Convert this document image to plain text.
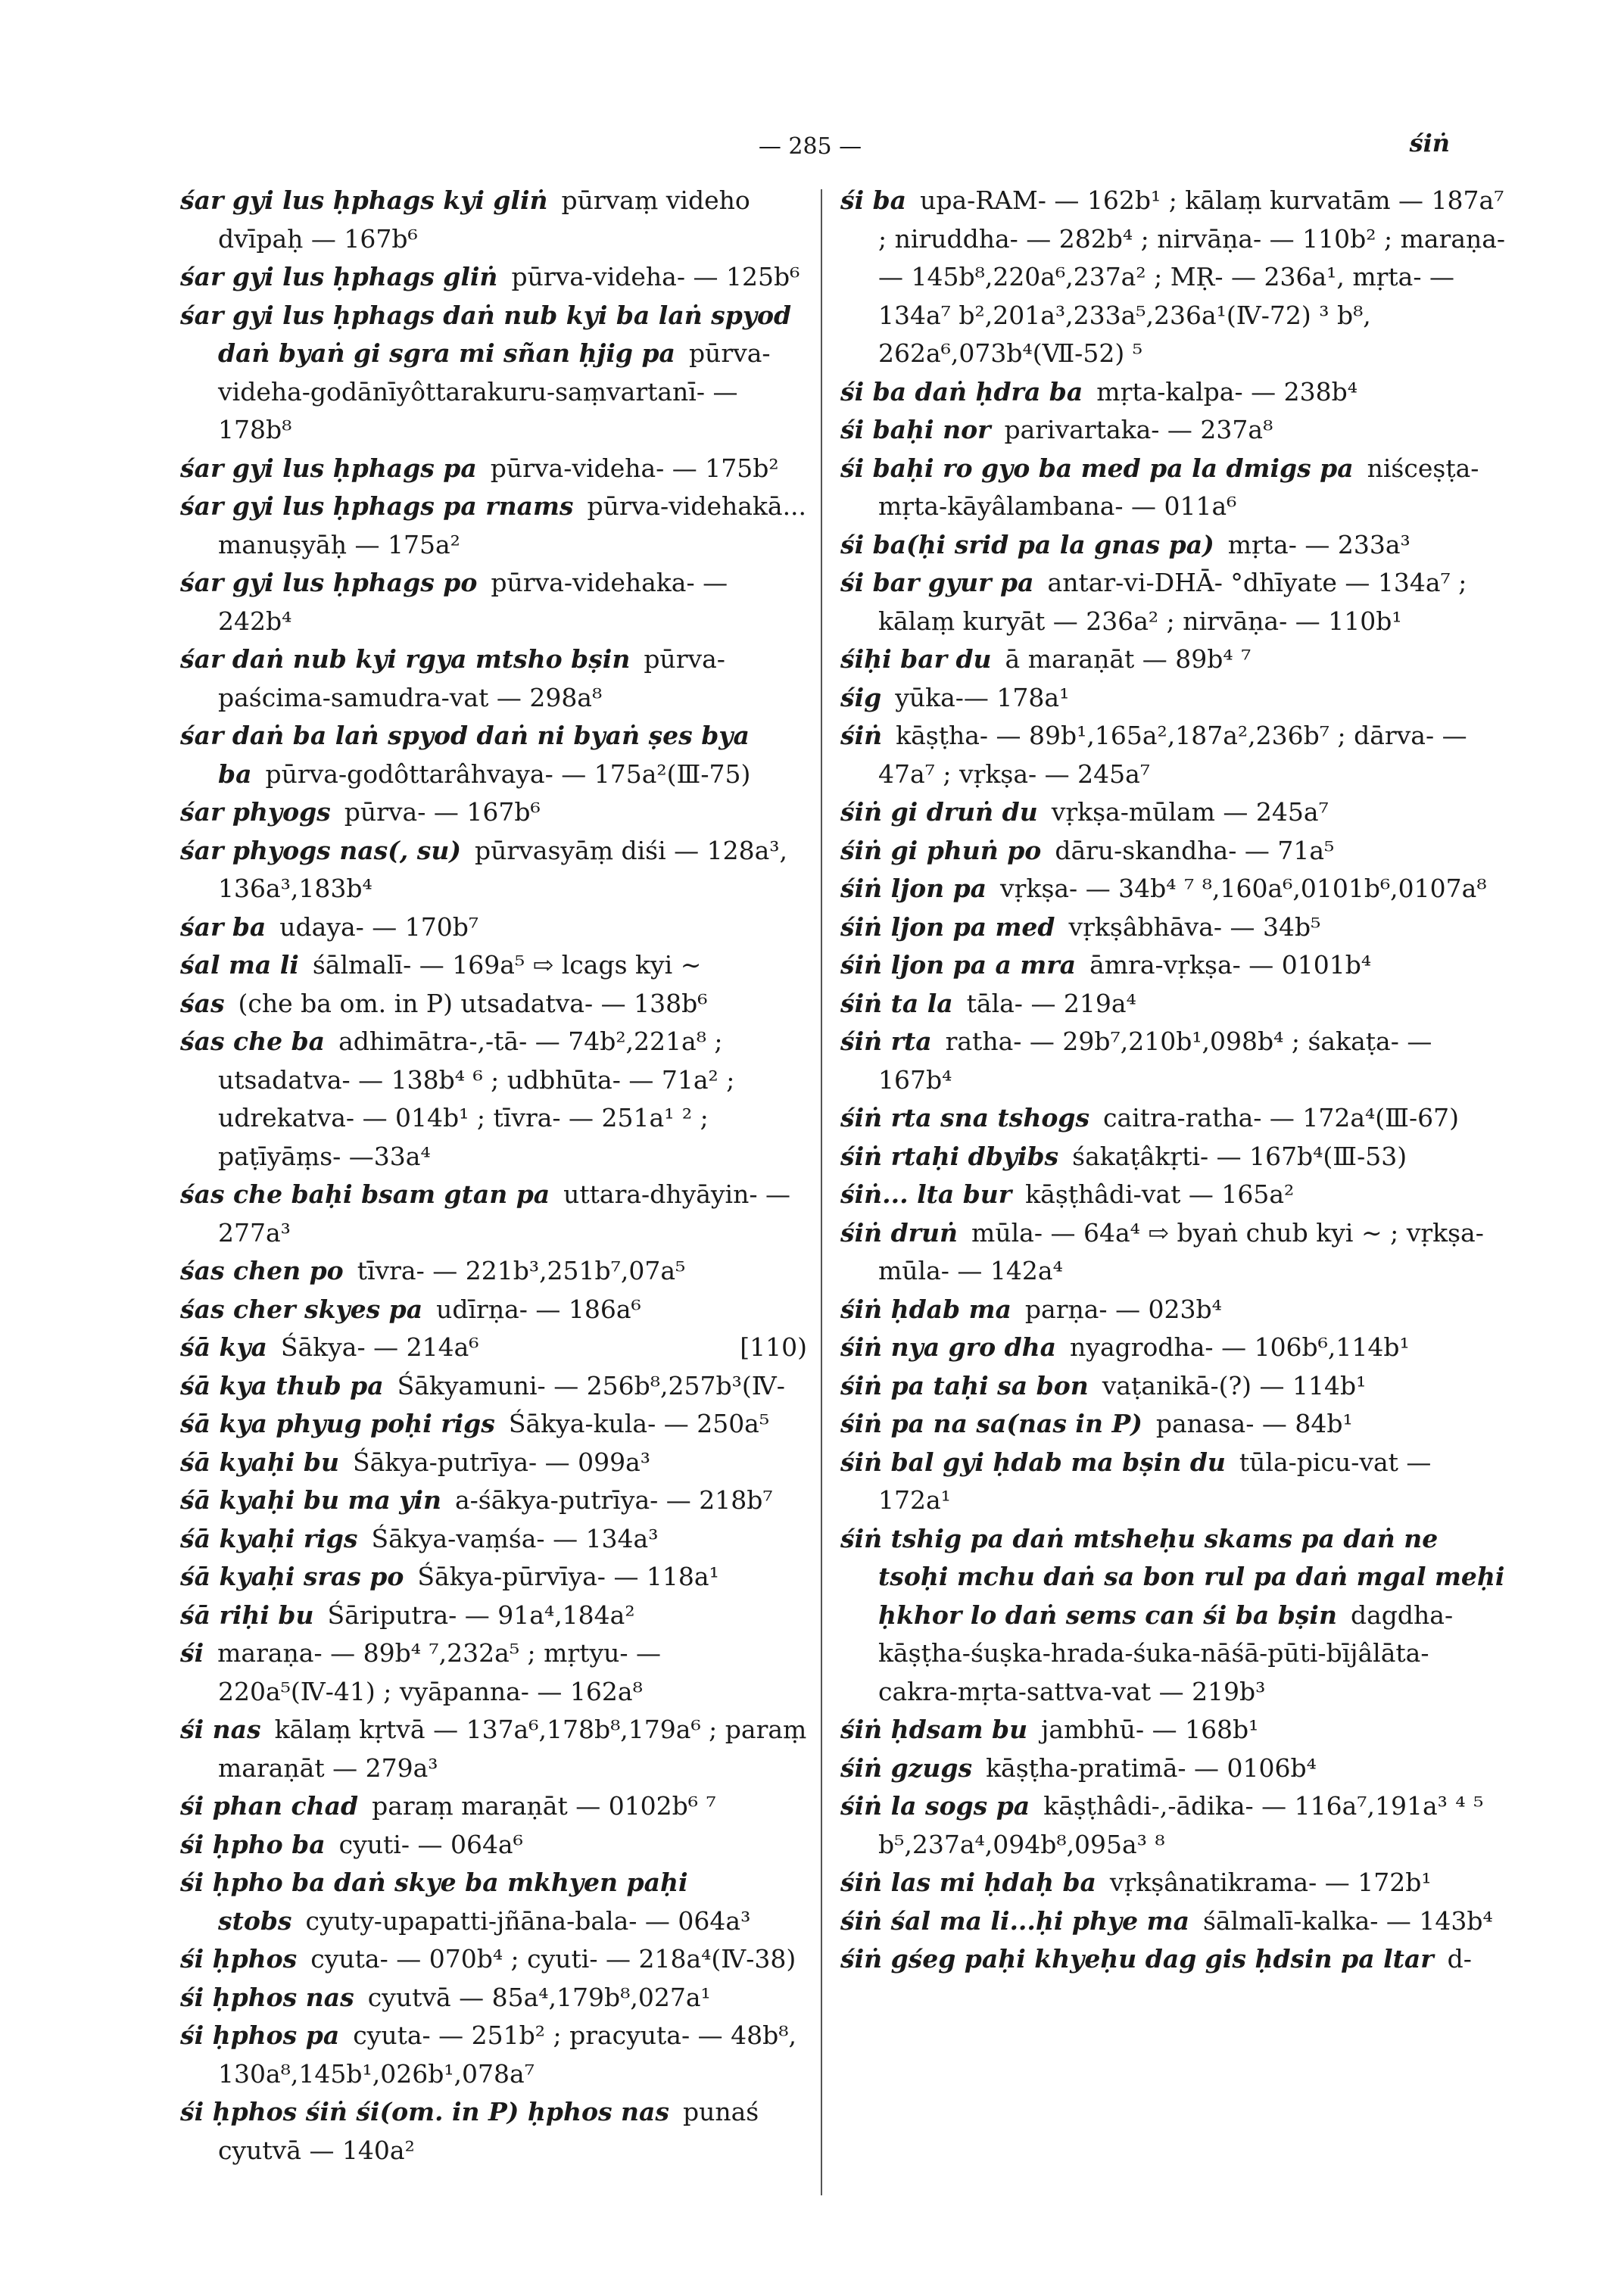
— 285 —	śiṅ
śar gyi lus ḥphags kyi gliṅ pūrvaṃ videho dvīpaḥ — 167b⁶
śar gyi lus ḥphags gliṅ pūrva-videha- — 125b⁶
śar gyi lus ḥphags daṅ nub kyi ba laṅ spyod daṅ byaṅ gi sgra mi sñan ḥjig pa pūrva-videha-godānīyôttarakuru-saṃvartanī- — 178b⁸
śar gyi lus ḥphags pa pūrva-videha- — 175b²
śar gyi lus ḥphags pa rnams pūrva-videhakā... manuṣyāḥ — 175a²
śar gyi lus ḥphags po pūrva-videhaka- — 242b⁴
śar daṅ nub kyi rgya mtsho bṣin pūrva-paścima-samudra-vat — 298a⁸
śar daṅ ba laṅ spyod daṅ ni byaṅ ṣes bya ba pūrva-godôttarâhvaya- — 175a²(Ⅲ-75)
śar phyogs pūrva- — 167b⁶
śar phyogs nas(, su) pūrvasyāṃ diśi — 128a³, 136a³,183b⁴
śar ba udaya- — 170b⁷
śal ma li śālmalī- — 169a⁵ ⇨ lcags kyi ∼
śas (che ba om. in P) utsadatva- — 138b⁶
śas che ba adhimātra-,-tā- — 74b²,221a⁸ ; utsadatva- — 138b⁴ ⁶ ; udbhūta- — 71a² ; udrekatva- — 014b¹ ; tīvra- — 251a¹ ² ; paṭīyāṃs- —33a⁴
śas che baḥi bsam gtan pa uttara-dhyāyin- — 277a³
śas chen po tīvra- — 221b³,251b⁷,07a⁵
śas cher skyes pa udīrṇa- — 186a⁶
śā kya Śākya- — 214a⁶	[110)
śā kya thub pa Śākyamuni- — 256b⁸,257b³(Ⅳ-
śā kya phyug poḥi rigs Śākya-kula- — 250a⁵
śā kyaḥi bu Śākya-putrīya- — 099a³
śā kyaḥi bu ma yin a-śākya-putrīya- — 218b⁷
śā kyaḥi rigs Śākya-vaṃśa- — 134a³
śā kyaḥi sras po Śākya-pūrvīya- — 118a¹
śā riḥi bu Śāriputra- — 91a⁴,184a²
śi maraṇa- — 89b⁴ ⁷,232a⁵ ; mṛtyu- — 220a⁵(Ⅳ-41) ; vyāpanna- — 162a⁸
śi nas kālaṃ kṛtvā — 137a⁶,178b⁸,179a⁶ ; paraṃ maraṇāt — 279a³
śi phan chad paraṃ maraṇāt — 0102b⁶ ⁷
śi ḥpho ba cyuti- — 064a⁶
śi ḥpho ba daṅ skye ba mkhyen paḥi stobs cyuty-upapatti-jñāna-bala- — 064a³
śi ḥphos cyuta- — 070b⁴ ; cyuti- — 218a⁴(Ⅳ-38)
śi ḥphos nas cyutvā — 85a⁴,179b⁸,027a¹
śi ḥphos pa cyuta- — 251b² ; pracyuta- — 48b⁸, 130a⁸,145b¹,026b¹,078a⁷
śi ḥphos śiṅ śi(om. in P) ḥphos nas punaś cyutvā — 140a²
śi ba upa-RAM- — 162b¹ ; kālaṃ kurvatām — 187a⁷ ; niruddha- — 282b⁴ ; nirvāṇa- — 110b² ; maraṇa- — 145b⁸,220a⁶,237a² ; MṚ- — 236a¹, mṛta- — 134a⁷ b²,201a³,233a⁵,236a¹(Ⅳ-72) ³ b⁸, 262a⁶,073b⁴(Ⅶ-52) ⁵
śi ba daṅ ḥdra ba mṛta-kalpa- — 238b⁴
śi baḥi nor parivartaka- — 237a⁸
śi baḥi ro gyo ba med pa la dmigs pa niśceṣṭa-mṛta-kāyâlambana- — 011a⁶
śi ba(ḥi srid pa la gnas pa) mṛta- — 233a³
śi bar gyur pa antar-vi-DHĀ- °dhīyate — 134a⁷ ; kālaṃ kuryāt — 236a² ; nirvāṇa- — 110b¹
śiḥi bar du ā maraṇāt — 89b⁴ ⁷
śig yūka-— 178a¹
śiṅ kāṣṭha- — 89b¹,165a²,187a²,236b⁷ ; dārva- — 47a⁷ ; vṛkṣa- — 245a⁷
śiṅ gi druṅ du vṛkṣa-mūlam — 245a⁷
śiṅ gi phuṅ po dāru-skandha- — 71a⁵
śiṅ ljon pa vṛkṣa- — 34b⁴ ⁷ ⁸,160a⁶,0101b⁶,0107a⁸
śiṅ ljon pa med vṛkṣâbhāva- — 34b⁵
śiṅ ljon pa a mra āmra-vṛkṣa- — 0101b⁴
śiṅ ta la tāla- — 219a⁴
śiṅ rta ratha- — 29b⁷,210b¹,098b⁴ ; śakaṭa- — 167b⁴
śiṅ rta sna tshogs caitra-ratha- — 172a⁴(Ⅲ-67)
śiṅ rtaḥi dbyibs śakaṭâkṛti- — 167b⁴(Ⅲ-53)
śiṅ... lta bur kāṣṭhâdi-vat — 165a²
śiṅ druṅ mūla- — 64a⁴ ⇨ byaṅ chub kyi ∼ ; vṛkṣa-mūla- — 142a⁴
śiṅ ḥdab ma parṇa- — 023b⁴
śiṅ nya gro dha nyagrodha- — 106b⁶,114b¹
śiṅ pa taḥi sa bon vaṭanikā-(?) — 114b¹
śiṅ pa na sa(nas in P) panasa- — 84b¹
śiṅ bal gyi ḥdab ma bṣin du tūla-picu-vat — 172a¹
śiṅ tshig pa daṅ mtsheḥu skams pa daṅ ne tsoḥi mchu daṅ sa bon rul pa daṅ mgal meḥi ḥkhor lo daṅ sems can śi ba bṣin dagdha-kāṣṭha-śuṣka-hrada-śuka-nāśā-pūti-bījâlāta-cakra-mṛta-sattva-vat — 219b³
śiṅ ḥdsam bu jambhū- — 168b¹
śiṅ gzugs kāṣṭha-pratimā- — 0106b⁴
śiṅ la sogs pa kāṣṭhâdi-,-ādika- — 116a⁷,191a³ ⁴ ⁵ b⁵,237a⁴,094b⁸,095a³ ⁸
śiṅ las mi ḥdaḥ ba vṛkṣânatikrama- — 172b¹
śiṅ śal ma li...ḥi phye ma śālmalī-kalka- — 143b⁴
śiṅ gśeg paḥi khyeḥu dag gis ḥdsin pa ltar d-
